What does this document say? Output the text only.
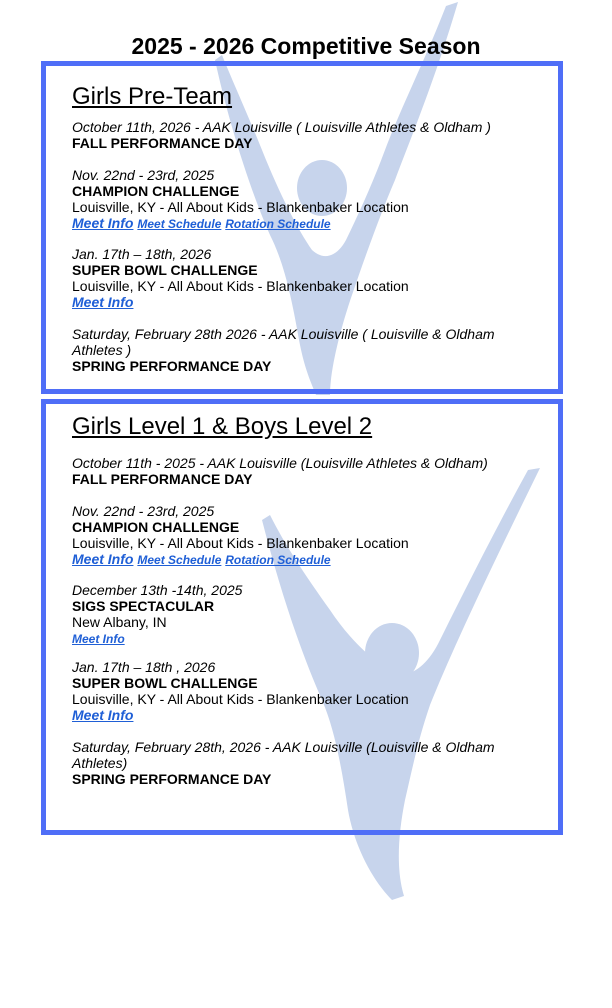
2025 - 2026 Competitive Season
Girls Pre-Team
October 11th, 2026 - AAK Louisville ( Louisville Athletes & Oldham )
FALL PERFORMANCE DAY
Nov. 22nd - 23rd, 2025
CHAMPION CHALLENGE
Louisville, KY - All About Kids - Blankenbaker Location
Meet Info Meet Schedule Rotation Schedule
Jan. 17th – 18th, 2026
SUPER BOWL CHALLENGE
Louisville, KY - All About Kids - Blankenbaker Location
Meet Info
Saturday, February 28th 2026 - AAK Louisville ( Louisville & Oldham
Athletes )
SPRING PERFORMANCE DAY
Girls Level 1 & Boys Level 2
October 11th - 2025 - AAK Louisville (Louisville Athletes & Oldham)
FALL PERFORMANCE DAY
Nov. 22nd - 23rd, 2025
CHAMPION CHALLENGE
Louisville, KY - All About Kids - Blankenbaker Location
Meet Info Meet Schedule Rotation Schedule
December 13th -14th, 2025
SIGS SPECTACULAR
New Albany, IN
Meet Info
Jan. 17th – 18th , 2026
SUPER BOWL CHALLENGE
Louisville, KY - All About Kids - Blankenbaker Location
Meet Info
Saturday, February 28th, 2026 - AAK Louisville (Louisville & Oldham
Athletes)
SPRING PERFORMANCE DAY
